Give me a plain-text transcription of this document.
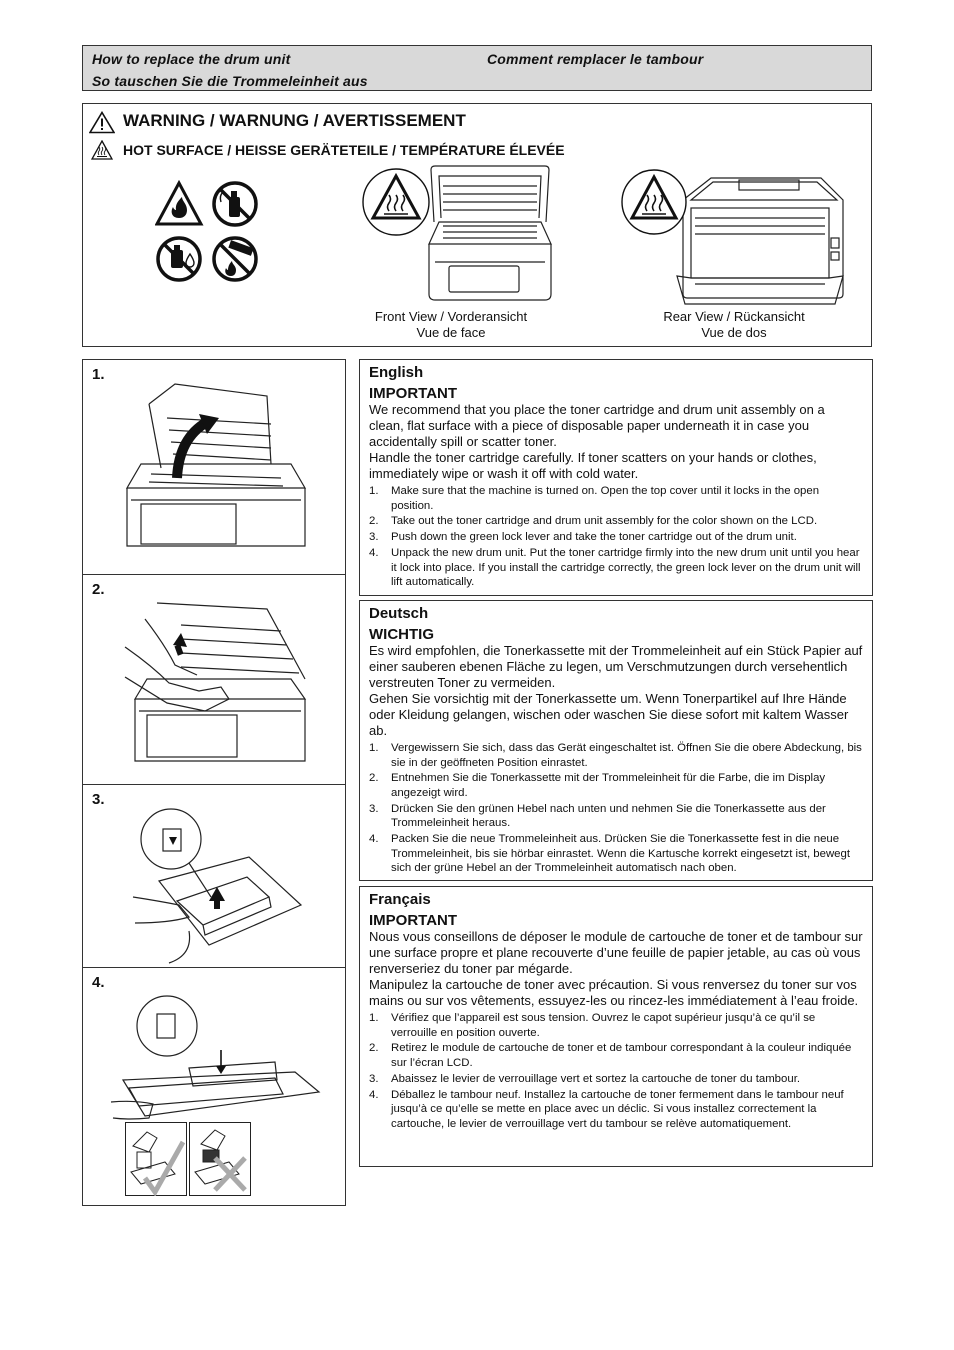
How to replace the drum unit	Comment remplacer le tambour
So tauschen Sie die Trommeleinheit aus
WARNING / WARNUNG / AVERTISSEMENT
HOT SURFACE / HEISSE GERÄTETEILE / TEMPÉRATURE ÉLEVÉE
Front View / Vorderansicht
Vue de face
Rear View / Rückansicht
Vue de dos
1.
2.
3.
4.
English
IMPORTANT

We recommend that you place the toner cartridge and drum unit assembly on a clean, flat surface with a piece of disposable paper underneath it in case you accidentally spill or scatter toner.

Handle the toner cartridge carefully. If toner scatters on your hands or clothes, immediately wipe or wash it off with cold water.

1. Make sure that the machine is turned on. Open the top cover until it locks in the open position.
2. Take out the toner cartridge and drum unit assembly for the color shown on the LCD.
3. Push down the green lock lever and take the toner cartridge out of the drum unit.
4. Unpack the new drum unit. Put the toner cartridge firmly into the new drum unit until you hear it lock into place. If you install the cartridge correctly, the green lock lever on the drum unit will lift automatically.
Deutsch
WICHTIG

Es wird empfohlen, die Tonerkassette mit der Trommeleinheit auf ein Stück Papier auf einer sauberen ebenen Fläche zu legen, um Verschmutzungen durch versehentlich verstreuten Toner zu vermeiden.

Gehen Sie vorsichtig mit der Tonerkassette um. Wenn Tonerpartikel auf Ihre Hände oder Kleidung gelangen, wischen oder waschen Sie diese sofort mit kaltem Wasser ab.

1. Vergewissern Sie sich, dass das Gerät eingeschaltet ist. Öffnen Sie die obere Abdeckung, bis sie in der geöffneten Position einrastet.
2. Entnehmen Sie die Tonerkassette mit der Trommeleinheit für die Farbe, die im Display angezeigt wird.
3. Drücken Sie den grünen Hebel nach unten und nehmen Sie die Tonerkassette aus der Trommeleinheit heraus.
4. Packen Sie die neue Trommeleinheit aus. Drücken Sie die Tonerkassette fest in die neue Trommeleinheit, bis sie hörbar einrastet. Wenn die Kartusche korrekt eingesetzt ist, bewegt sich der grüne Hebel an der Trommeleinheit automatisch nach oben.
Français
IMPORTANT

Nous vous conseillons de déposer le module de cartouche de toner et de tambour sur une surface propre et plane recouverte d’une feuille de papier jetable, au cas où vous renverseriez du toner par mégarde.

Manipulez la cartouche de toner avec précaution. Si vous renversez du toner sur vos mains ou sur vos vêtements, essuyez-les ou rincez-les immédiatement à l’eau froide.

1. Vérifiez que l’appareil est sous tension. Ouvrez le capot supérieur jusqu’à ce qu’il se verrouille en position ouverte.
2. Retirez le module de cartouche de toner et de tambour correspondant à la couleur indiquée sur l’écran LCD.
3. Abaissez le levier de verrouillage vert et sortez la cartouche de toner du tambour.
4. Déballez le tambour neuf. Installez la cartouche de toner fermement dans le tambour neuf jusqu’à ce qu’elle se mette en place avec un déclic. Si vous installez correctement la cartouche, le levier de verrouillage vert du tambour se relève automatiquement.
